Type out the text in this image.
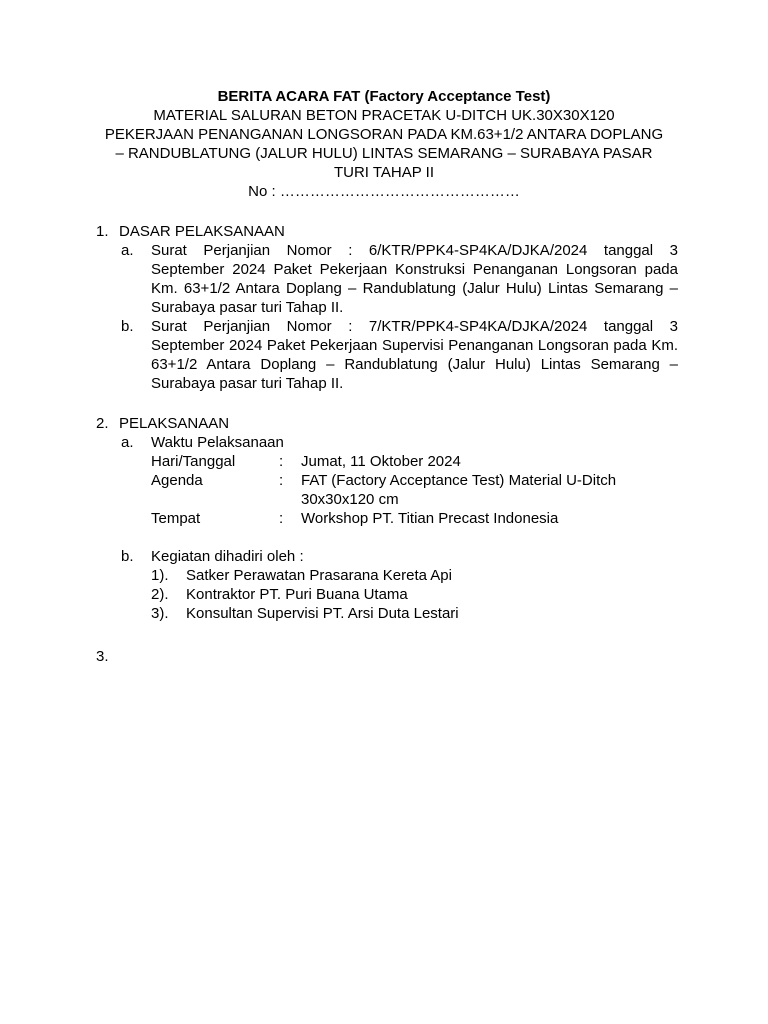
BERITA ACARA FAT (Factory Acceptance Test)
MATERIAL SALURAN BETON PRACETAK U-DITCH UK.30X30X120
PEKERJAAN PENANGANAN LONGSORAN PADA KM.63+1/2 ANTARA DOPLANG
– RANDUBLATUNG (JALUR HULU) LINTAS SEMARANG – SURABAYA PASAR
TURI TAHAP II
No : …………………………………………
1. DASAR PELAKSANAAN
a. Surat Perjanjian Nomor : 6/KTR/PPK4-SP4KA/DJKA/2024 tanggal 3 September 2024 Paket Pekerjaan Konstruksi Penanganan Longsoran pada Km. 63+1/2 Antara Doplang – Randublatung (Jalur Hulu) Lintas Semarang – Surabaya pasar turi Tahap II.
b. Surat Perjanjian Nomor : 7/KTR/PPK4-SP4KA/DJKA/2024 tanggal 3 September 2024 Paket Pekerjaan Supervisi Penanganan Longsoran pada Km. 63+1/2 Antara Doplang – Randublatung (Jalur Hulu) Lintas Semarang – Surabaya pasar turi Tahap II.
2. PELAKSANAAN
a. Waktu Pelaksanaan
Hari/Tanggal	: Jumat, 11 Oktober 2024
Agenda	: FAT (Factory Acceptance Test) Material U-Ditch 30x30x120 cm
Tempat	: Workshop PT. Titian Precast Indonesia
b. Kegiatan dihadiri oleh :
1). Satker Perawatan Prasarana Kereta Api
2). Kontraktor PT. Puri Buana Utama
3). Konsultan Supervisi PT. Arsi Duta Lestari
3.
